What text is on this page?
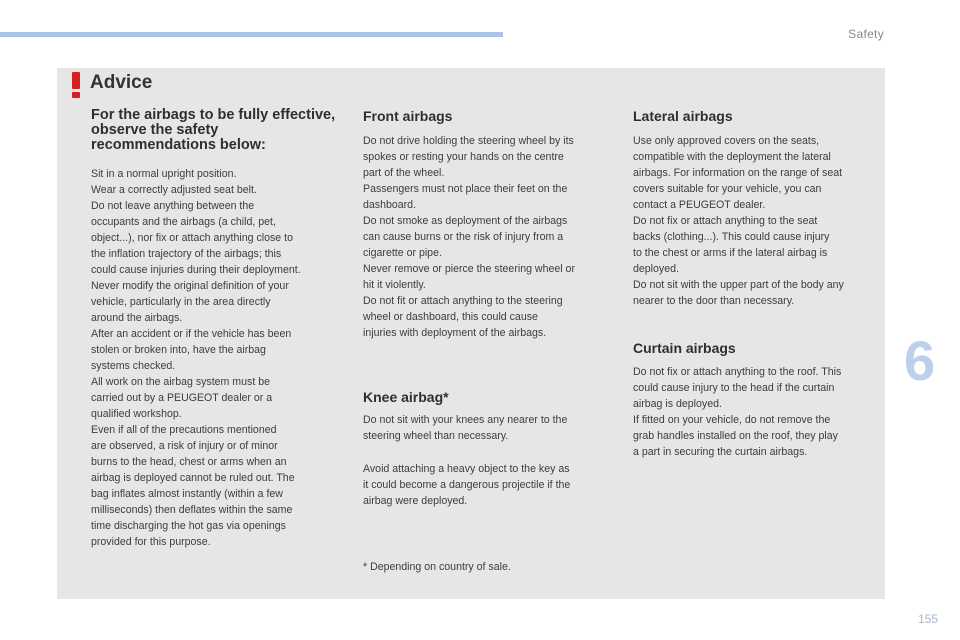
Safety
Advice
For the airbags to be fully effective, observe the safety recommendations below:

Sit in a normal upright position.

Wear a correctly adjusted seat belt.

Do not leave anything between the

occupants and the airbags (a child, pet,

object...), nor fix or attach anything close to

the inflation trajectory of the airbags; this

could cause injuries during their deployment.

Never modify the original definition of your

vehicle, particularly in the area directly

around the airbags.

After an accident or if the vehicle has been

stolen or broken into, have the airbag

systems checked.

All work on the airbag system must be

carried out by a PEUGEOT dealer or a

qualified workshop.

Even if all of the precautions mentioned

are observed, a risk of injury or of minor

burns to the head, chest or arms when an

airbag is deployed cannot be ruled out. The

bag inflates almost instantly (within a few

milliseconds) then deflates within the same

time discharging the hot gas via openings

provided for this purpose.

Front airbags

Do not drive holding the steering wheel by its

spokes or resting your hands on the centre

part of the wheel.

Passengers must not place their feet on the

dashboard.

Do not smoke as deployment of the airbags

can cause burns or the risk of injury from a

cigarette or pipe.

Never remove or pierce the steering wheel or

hit it violently.

Do not fit or attach anything to the steering

wheel or dashboard, this could cause

injuries with deployment of the airbags.

Knee airbag*

Do not sit with your knees any nearer to the

steering wheel than necessary.

Avoid attaching a heavy object to the key as

it could become a dangerous projectile if the

airbag were deployed.

* Depending on country of sale.

Lateral airbags

Use only approved covers on the seats,

compatible with the deployment the lateral

airbags. For information on the range of seat

covers suitable for your vehicle, you can

contact a PEUGEOT dealer.

Do not fix or attach anything to the seat

backs (clothing...). This could cause injury

to the chest or arms if the lateral airbag is

deployed.

Do not sit with the upper part of the body any

nearer to the door than necessary.

Curtain airbags

Do not fix or attach anything to the roof. This

could cause injury to the head if the curtain

airbag is deployed.

If fitted on your vehicle, do not remove the

grab handles installed on the roof, they play

a part in securing the curtain airbags.

6
155
